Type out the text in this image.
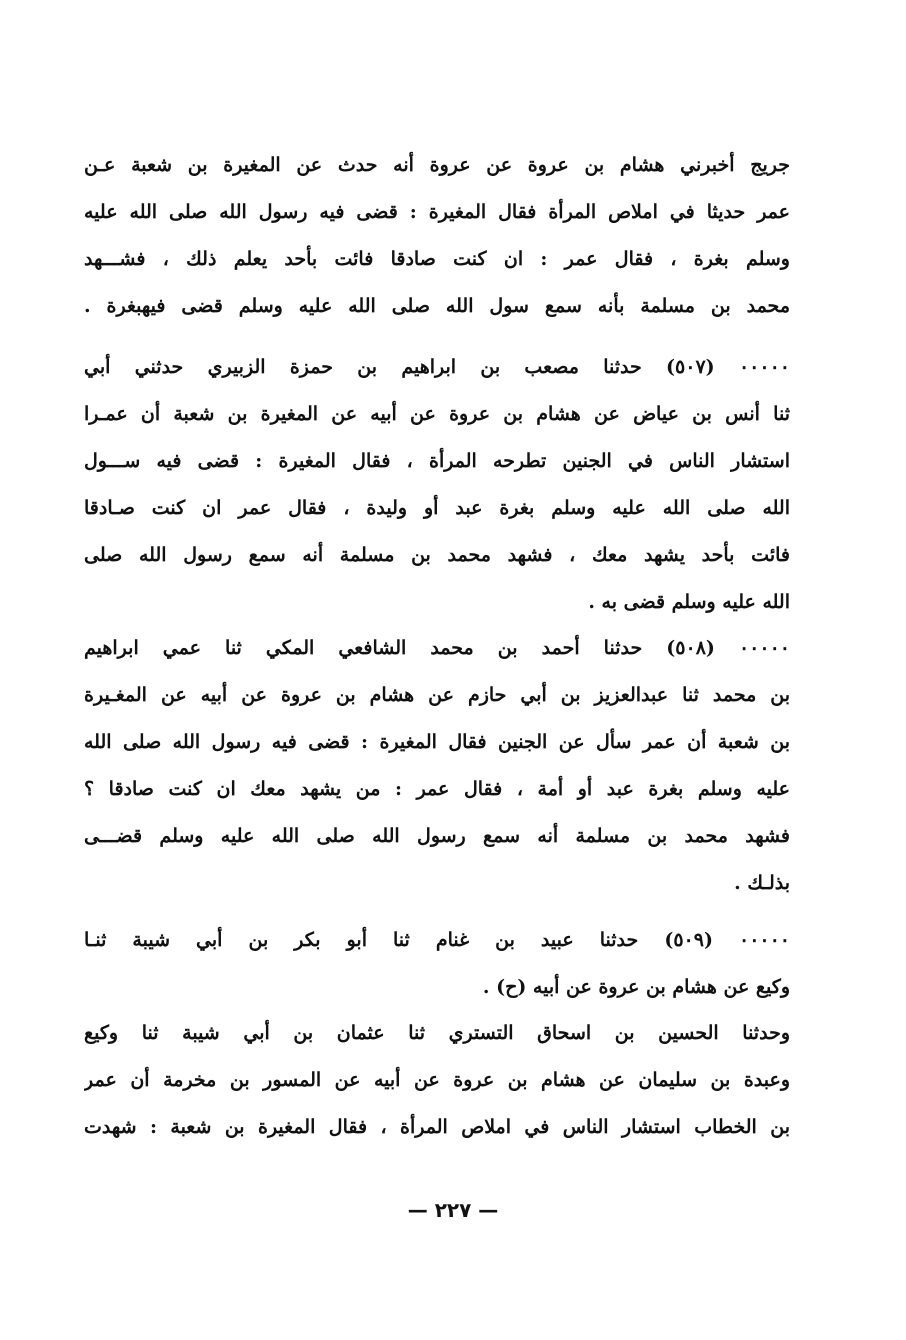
جريج أخبرني هشام بن عروة عن عروة أنه حدث عن المغيرة بن شعبة عـن
عمر حديثا في املاص المرأة فقال المغيرة : قضى فيه رسول الله صلى الله عليه
وسلم بغرة ، فقال عمر : ان كنت صادقا فائت بأحد يعلم ذلك ، فشـــهد
محمد بن مسلمة بأنه سمع سول الله صلى الله عليه وسلم قضى فيهبغرة .
٠٠٠٠٠ (٥٠٧) حدثنا مصعب بن ابراهيم بن حمزة الزبيري حدثني أبي
ثنا أنس بن عياض عن هشام بن عروة عن أبيه عن المغيرة بن شعبة أن عمـرا
استشار الناس في الجنين تطرحه المرأة ، فقال المغيرة : قضى فيه ســـول
الله صلى الله عليه وسلم بغرة عبد أو وليدة ، فقال عمر ان كنت صـادقا
فائت بأحد يشهد معك ، فشهد محمد بن مسلمة أنه سمع رسول الله صلى
الله عليه وسلم قضى به .
٠٠٠٠٠ (٥٠٨) حدثنا أحمد بن محمد الشافعي المكي ثنا عمي ابراهيم
بن محمد ثنا عبدالعزيز بن أبي حازم عن هشام بن عروة عن أبيه عن المغـيرة
بن شعبة أن عمر سأل عن الجنين فقال المغيرة : قضى فيه رسول الله صلى الله
عليه وسلم بغرة عبد أو أمة ، فقال عمر : من يشهد معك ان كنت صادقا ؟
فشهد محمد بن مسلمة أنه سمع رسول الله صلى الله عليه وسلم قضـــى
بذلـك .
٠٠٠٠٠ (٥٠٩) حدثنا عبيد بن غنام ثنا أبو بكر بن أبي شيبة ثنـا
وكيع عن هشام بن عروة عن أبيه (ح) .
وحدثنا الحسين بن اسحاق التستري ثنا عثمان بن أبي شيبة ثنا وكيع
وعبدة بن سليمان عن هشام بن عروة عن أبيه عن المسور بن مخرمة أن عمر
بن الخطاب استشار الناس في املاص المرأة ، فقال المغيرة بن شعبة : شهدت
— ٢٢٧ —
